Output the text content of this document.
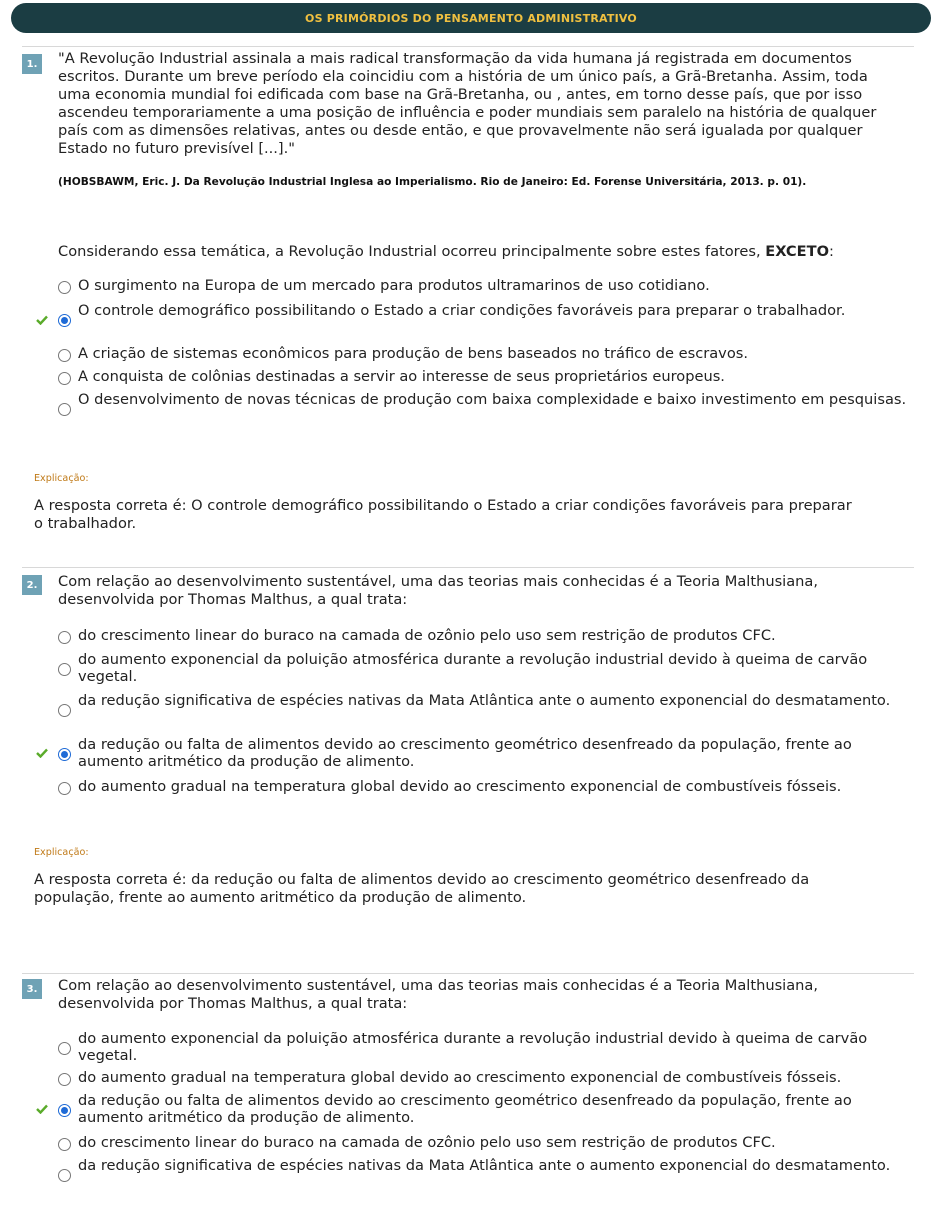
OS PRIMÓRDIOS DO PENSAMENTO ADMINISTRATIVO
1.	"A Revolução Industrial assinala a mais radical transformação da vida humana já registrada em documentos escritos. Durante um breve período ela coincidiu com a história de um único país, a Grã-Bretanha. Assim, toda uma economia mundial foi edificada com base na Grã-Bretanha, ou , antes, em torno desse país, que por isso ascendeu temporariamente a uma posição de influência e poder mundiais sem paralelo na história de qualquer país com as dimensões relativas, antes ou desde então, e que provavelmente não será igualada por qualquer Estado no futuro previsível [...]."
(HOBSBAWM, Eric. J. Da Revolução Industrial Inglesa ao Imperialismo. Rio de Janeiro: Ed. Forense Universitária, 2013. p. 01).
Considerando essa temática, a Revolução Industrial ocorreu principalmente sobre estes fatores, EXCETO:
O surgimento na Europa de um mercado para produtos ultramarinos de uso cotidiano.
O controle demográfico possibilitando o Estado a criar condições favoráveis para preparar o trabalhador.
A criação de sistemas econômicos para produção de bens baseados no tráfico de escravos.
A conquista de colônias destinadas a servir ao interesse de seus proprietários europeus.
O desenvolvimento de novas técnicas de produção com baixa complexidade e baixo investimento em pesquisas.
Explicação:
A resposta correta é: O controle demográfico possibilitando o Estado a criar condições favoráveis para preparar o trabalhador.
2.	Com relação ao desenvolvimento sustentável, uma das teorias mais conhecidas é a Teoria Malthusiana, desenvolvida por Thomas Malthus, a qual trata:
do crescimento linear do buraco na camada de ozônio pelo uso sem restrição de produtos CFC.
do aumento exponencial da poluição atmosférica durante a revolução industrial devido à queima de carvão vegetal.
da redução significativa de espécies nativas da Mata Atlântica ante o aumento exponencial do desmatamento.
da redução ou falta de alimentos devido ao crescimento geométrico desenfreado da população, frente ao aumento aritmético da produção de alimento.
do aumento gradual na temperatura global devido ao crescimento exponencial de combustíveis fósseis.
Explicação:
A resposta correta é: da redução ou falta de alimentos devido ao crescimento geométrico desenfreado da população, frente ao aumento aritmético da produção de alimento.
3.	Com relação ao desenvolvimento sustentável, uma das teorias mais conhecidas é a Teoria Malthusiana, desenvolvida por Thomas Malthus, a qual trata:
do aumento exponencial da poluição atmosférica durante a revolução industrial devido à queima de carvão vegetal.
do aumento gradual na temperatura global devido ao crescimento exponencial de combustíveis fósseis.
da redução ou falta de alimentos devido ao crescimento geométrico desenfreado da população, frente ao aumento aritmético da produção de alimento.
do crescimento linear do buraco na camada de ozônio pelo uso sem restrição de produtos CFC.
da redução significativa de espécies nativas da Mata Atlântica ante o aumento exponencial do desmatamento.
